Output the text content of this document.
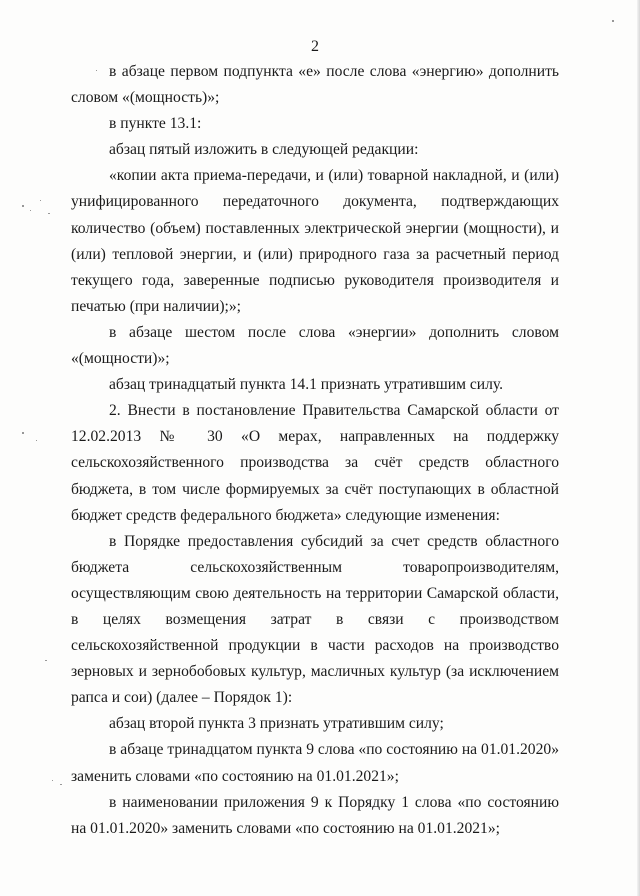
2

в абзаце первом подпункта «е» после слова «энергию» дополнить словом «(мощность)»;

в пункте 13.1:

абзац пятый изложить в следующей редакции:

«копии акта приема-передачи, и (или) товарной накладной, и (или) унифицированного передаточного документа, подтверждающих количество (объем) поставленных электрической энергии (мощности), и (или) тепловой энергии, и (или) природного газа за расчетный период текущего года, заверенные подписью руководителя производителя и печатью (при наличии);»;

в абзаце шестом после слова «энергии» дополнить словом «(мощности)»;

абзац тринадцатый пункта 14.1 признать утратившим силу.

2. Внести в постановление Правительства Самарской области от 12.02.2013 № 30 «О мерах, направленных на поддержку сельскохозяйственного производства за счёт средств областного бюджета, в том числе формируемых за счёт поступающих в областной бюджет средств федерального бюджета» следующие изменения:

в Порядке предоставления субсидий за счет средств областного бюджета сельскохозяйственным товаропроизводителям, осуществляющим свою деятельность на территории Самарской области, в целях возмещения затрат в связи с производством сельскохозяйственной продукции в части расходов на производство зерновых и зернобобовых культур, масличных культур (за исключением рапса и сои) (далее – Порядок 1):

абзац второй пункта 3 признать утратившим силу;

в абзаце тринадцатом пункта 9 слова «по состоянию на 01.01.2020» заменить словами «по состоянию на 01.01.2021»;

в наименовании приложения 9 к Порядку 1 слова «по состоянию на 01.01.2020» заменить словами «по состоянию на 01.01.2021»;
